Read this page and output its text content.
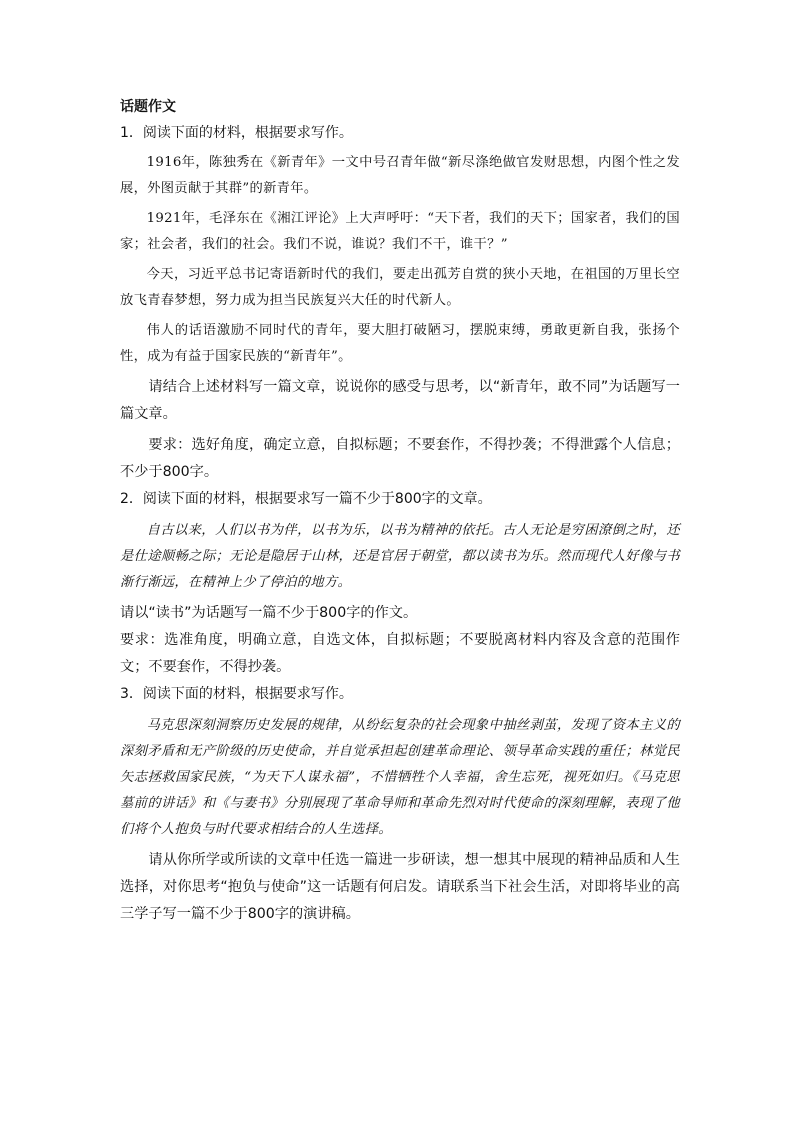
话题作文
1．阅读下面的材料，根据要求写作。
1916年，陈独秀在《新青年》一文中号召青年做“新尽涤绝做官发财思想，内图个性之发展，外图贡献于其群”的新青年。
1921年，毛泽东在《湘江评论》上大声呼吁：“天下者，我们的天下；国家者，我们的国家；社会者，我们的社会。我们不说，谁说？我们不干，谁干？”
今天，习近平总书记寄语新时代的我们，要走出孤芳自赏的狭小天地，在祖国的万里长空放飞青春梦想，努力成为担当民族复兴大任的时代新人。
伟人的话语激励不同时代的青年，要大胆打破陋习，摆脱束缚，勇敢更新自我，张扬个性，成为有益于国家民族的“新青年”。
请结合上述材料写一篇文章，说说你的感受与思考，以“新青年，敢不同”为话题写一篇文章。
要求：选好角度，确定立意，自拟标题；不要套作，不得抄袭；不得泄露个人信息；不少于800字。
2．阅读下面的材料，根据要求写一篇不少于800字的文章。
自古以来，人们以书为伴，以书为乐，以书为精神的依托。古人无论是穷困潦倒之时，还是仕途顺畅之际；无论是隐居于山林，还是官居于朝堂，都以读书为乐。然而现代人好像与书渐行渐远，在精神上少了停泊的地方。
请以“读书”为话题写一篇不少于800字的作文。
要求：选准角度，明确立意，自选文体，自拟标题；不要脱离材料内容及含意的范围作文；不要套作，不得抄袭。
3．阅读下面的材料，根据要求写作。
马克思深刻洞察历史发展的规律，从纷纭复杂的社会现象中抽丝剥茧，发现了资本主义的深刻矛盾和无产阶级的历史使命，并自觉承担起创建革命理论、领导革命实践的重任；林觉民矢志拯救国家民族，“为天下人谋永福”，不惜牺牲个人幸福，舍生忘死，视死如归。《马克思墓前的讲话》和《与妻书》分别展现了革命导师和革命先烈对时代使命的深刻理解，表现了他们将个人抱负与时代要求相结合的人生选择。
请从你所学或所读的文章中任选一篇进一步研读，想一想其中展现的精神品质和人生选择，对你思考“抱负与使命”这一话题有何启发。请联系当下社会生活，对即将毕业的高三学子写一篇不少于800字的演讲稿。
